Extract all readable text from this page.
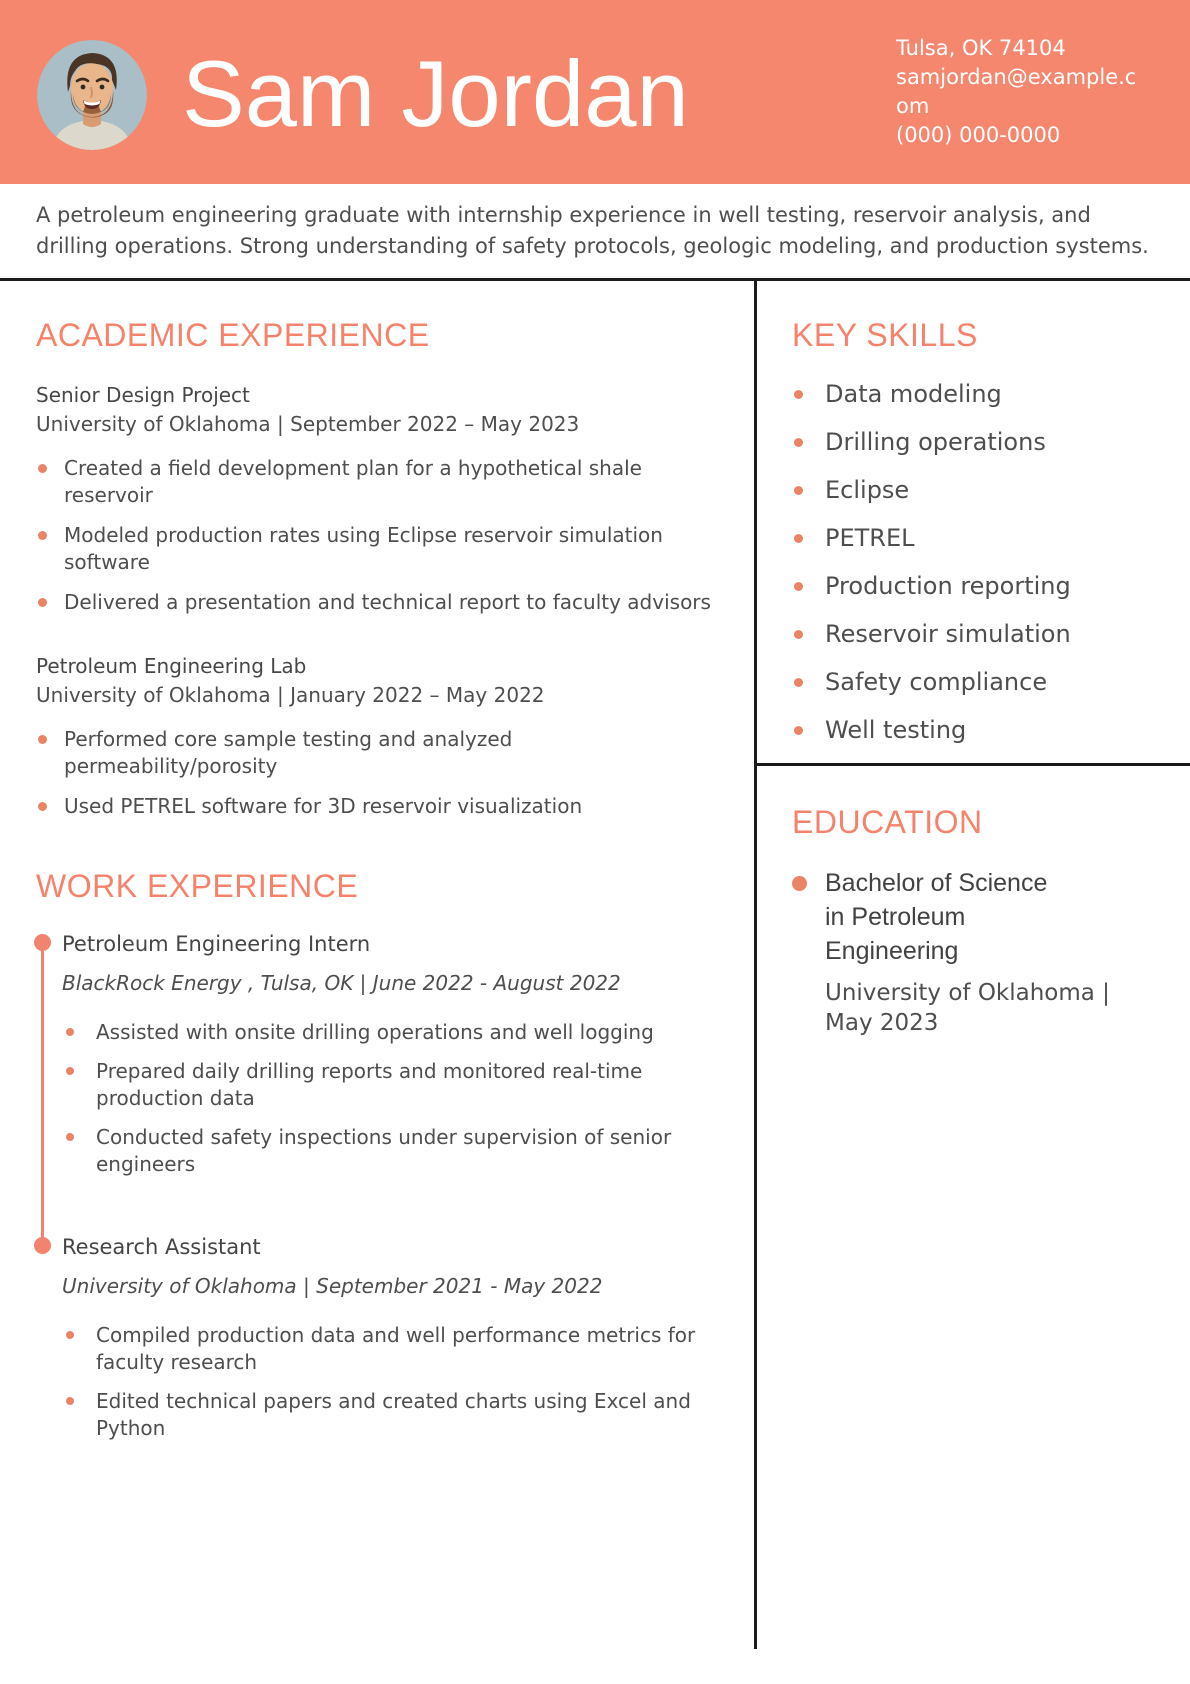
Sam Jordan	Tulsa, OK 74104
samjordan@example.com
(000) 000-0000

A petroleum engineering graduate with internship experience in well testing, reservoir analysis, and drilling operations. Strong understanding of safety protocols, geologic modeling, and production systems.

ACADEMIC EXPERIENCE
Senior Design Project
University of Oklahoma | September 2022 – May 2023
Created a field development plan for a hypothetical shale reservoir
Modeled production rates using Eclipse reservoir simulation software
Delivered a presentation and technical report to faculty advisors
Petroleum Engineering Lab
University of Oklahoma | January 2022 – May 2022
Performed core sample testing and analyzed permeability/porosity
Used PETREL software for 3D reservoir visualization
WORK EXPERIENCE
Petroleum Engineering Intern
BlackRock Energy , Tulsa, OK | June 2022 - August 2022
Assisted with onsite drilling operations and well logging
Prepared daily drilling reports and monitored real-time production data
Conducted safety inspections under supervision of senior engineers
Research Assistant
University of Oklahoma | September 2021 - May 2022
Compiled production data and well performance metrics for faculty research
Edited technical papers and created charts using Excel and Python
KEY SKILLS
Data modeling
Drilling operations
Eclipse
PETREL
Production reporting
Reservoir simulation
Safety compliance
Well testing
EDUCATION
Bachelor of Science in Petroleum Engineering
University of Oklahoma | May 2023
